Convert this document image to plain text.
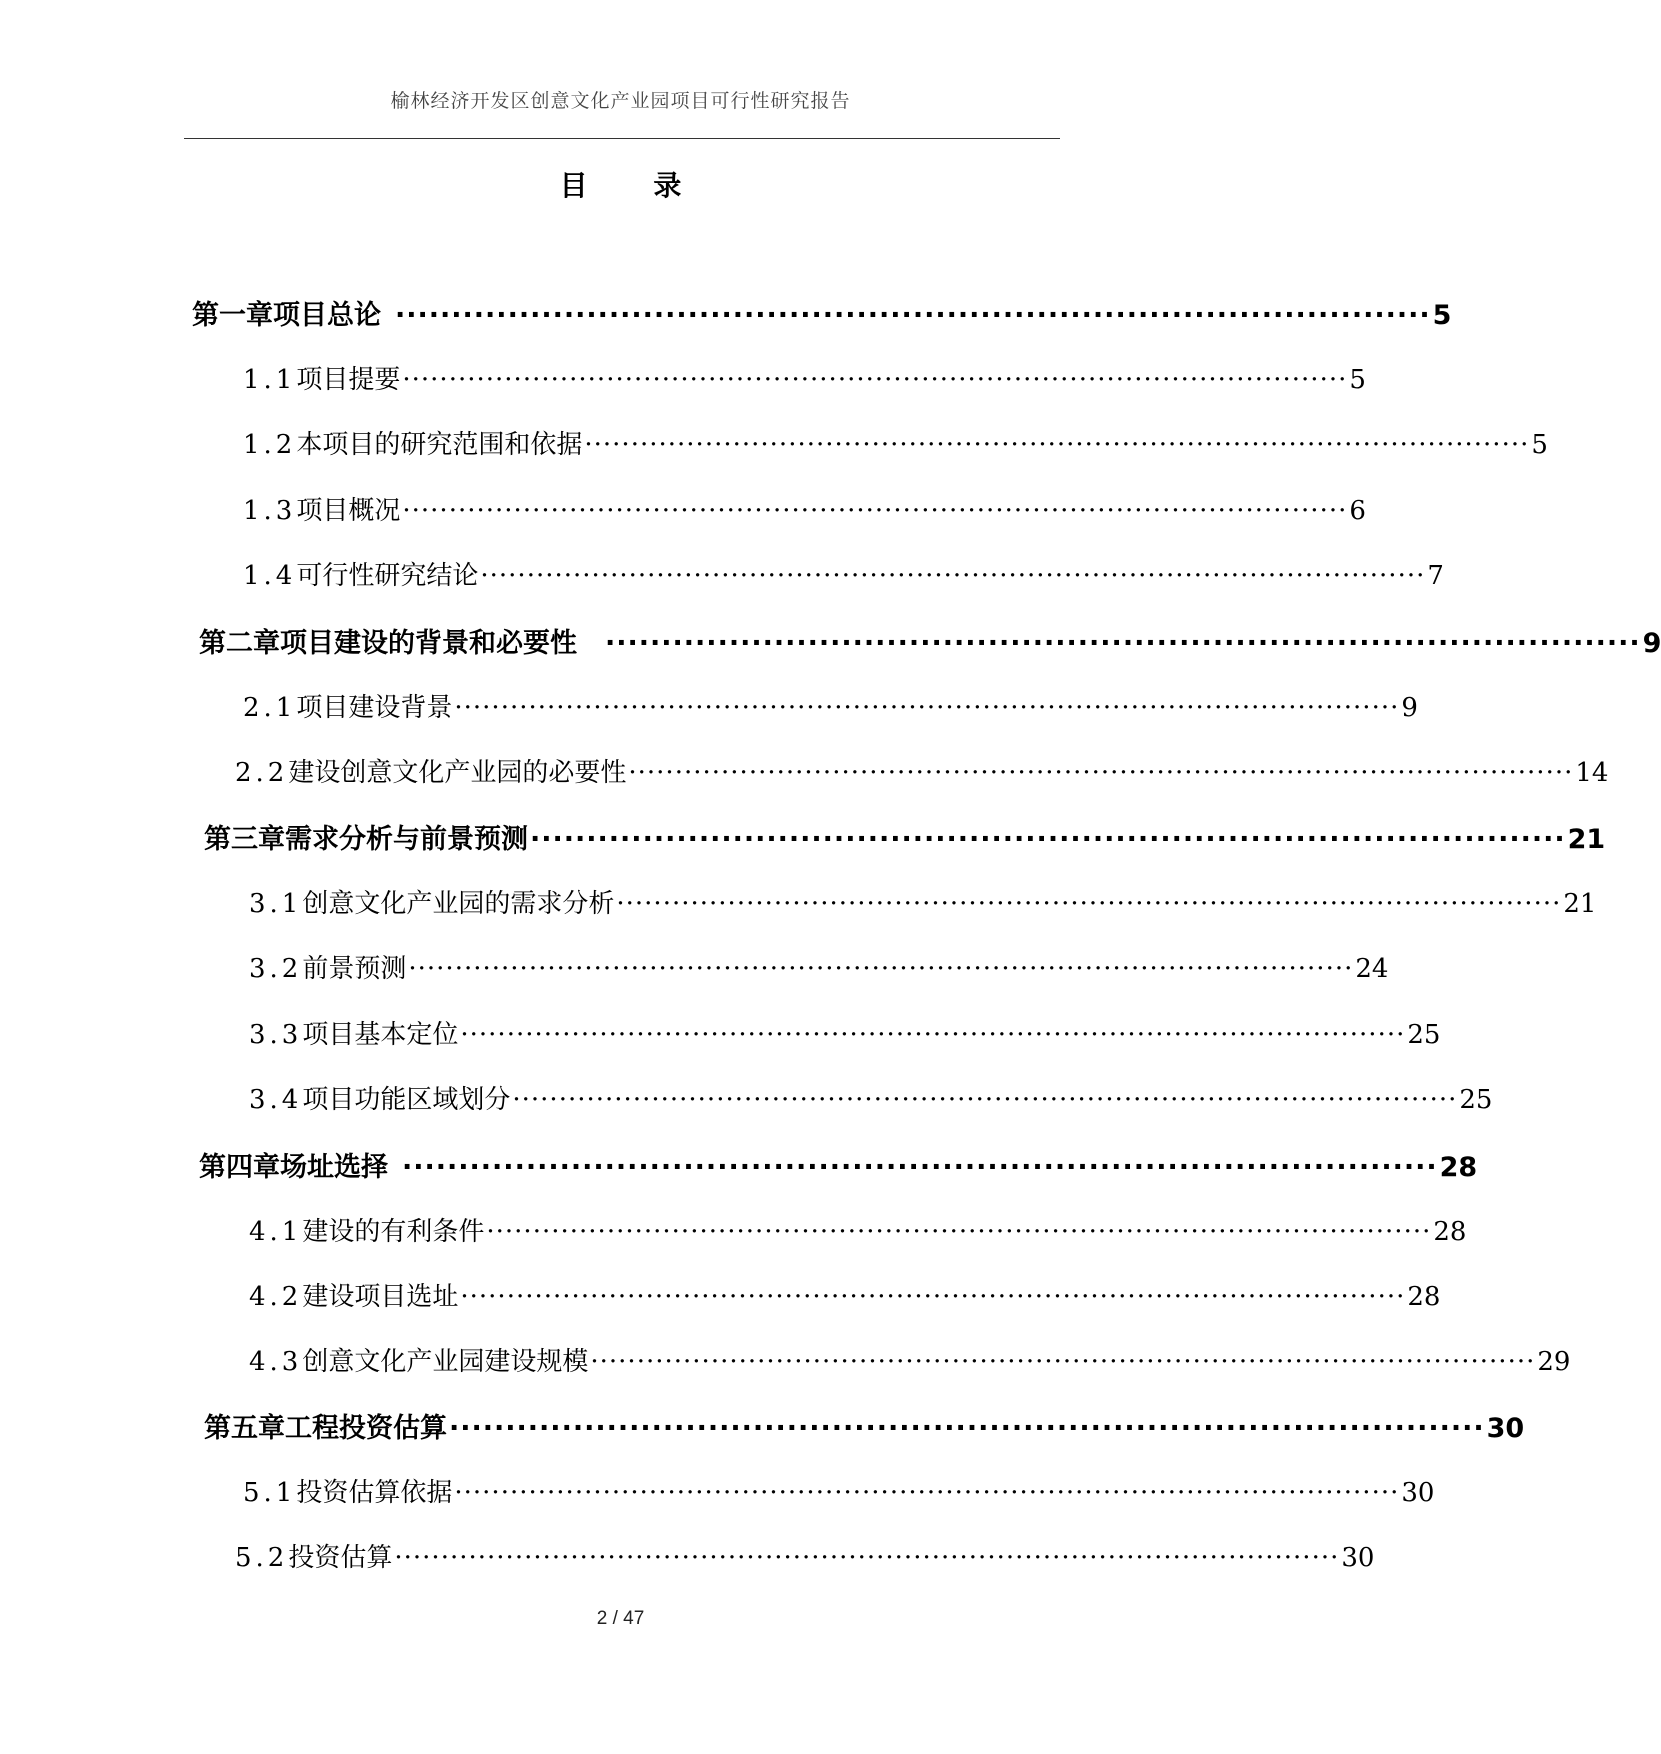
榆林经济开发区创意文化产业园项目可行性研究报告
目 录
第一章 项目总论 ···························································································· 5
1.1 项目提要 ······································································································ 5
1.2 本项目的研究范围和依据 ······································································································ 5
1.3 项目概况 ······································································································ 6
1.4 可行性研究结论 ······································································································ 7
第二章 项目建设的背景和必要性 ···························································································· 9
2.1 项目建设背景 ······································································································ 9
2.2 建设创意文化产业园的必要性 ······································································································ 14
第三章 需求分析与前景预测 ···························································································· 21
3.1 创意文化产业园的需求分析 ······································································································ 21
3.2 前景预测 ······································································································ 24
3.3 项目基本定位 ······································································································ 25
3.4 项目功能区域划分 ······································································································ 25
第四章 场址选择 ···························································································· 28
4.1 建设的有利条件 ······································································································ 28
4.2 建设项目选址 ······································································································ 28
4.3 创意文化产业园建设规模 ······································································································ 29
第五章 工程投资估算 ···························································································· 30
5.1 投资估算依据 ······································································································ 30
5.2 投资估算 ······································································································ 30
2 / 47
